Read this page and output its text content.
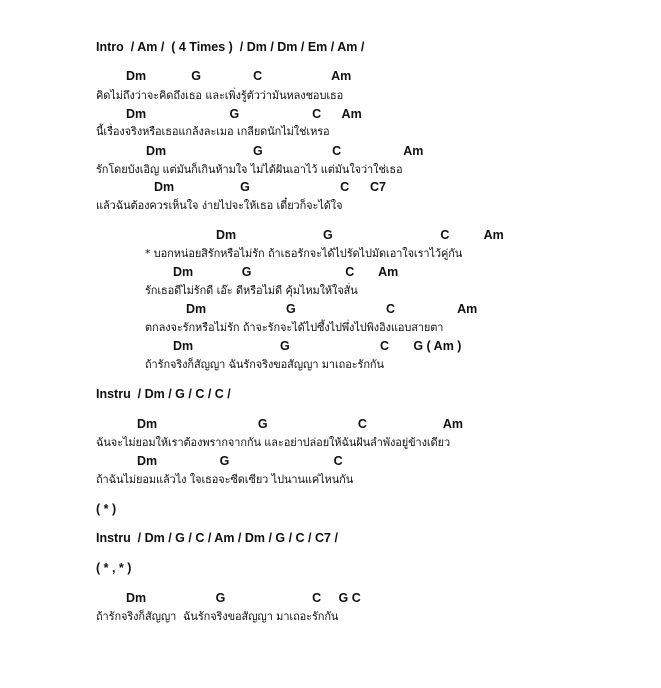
Intro  / Am /  ( 4 Times )  / Dm / Dm / Em / Am /
Dm             G               C                    Am
คิดไม่ถึงว่าจะคิดถึงเธอ และเพิ่งรู้ตัวว่ามันหลงชอบเธอ
Dm                        G                     C      Am
นี้เรื่องจริงหรือเธอแกล้งละเมอ เกลียดนักไม่ใช่เหรอ
Dm                         G                    C                  Am
รักโดยบังเอิญ แต่มันก็เกินห้ามใจ ไม่ได้ฝันเอาไว้ แต่มันใจว่าใช่เธอ
Dm                   G                          C      C7
แล้วฉันต้องควรเห็นใจ ง่ายไปจะให้เธอ เดี๋ยวก็จะได้ใจ
Dm                         G                               C          Am
* บอกหน่อยสิรักหรือไม่รัก ถ้าเธอรักจะได้ไปรัดไปมัดเอาใจเราไว้คู่กัน
Dm              G                           C       Am
รักเธอดีไม่รักดี เอ๊ะ ดีหรือไม่ดี คุ้มไหมให้ใจสั่น
Dm                       G                          C                  Am
ตกลงจะรักหรือไม่รัก ถ้าจะรักจะได้ไปซึ้งไปพึ่งไปพิงอิงแอบสายตา
Dm                         G                          C       G ( Am )
ถ้ารักจริงก็สัญญา ฉันรักจริงขอสัญญา มาเถอะรักกัน
Instru  / Dm / G / C / C /
Dm                             G                          C                      Am
ฉันจะไม่ยอมให้เราต้องพรากจากกัน และอย่าปล่อยให้ฉันฝันลำพังอยู่ข้างเดียว
Dm                  G                              C
ถ้าฉันไม่ยอมแล้วไง ใจเธอจะซีดเซียว ไปนานแค่ไหนกัน
( * )
Instru  / Dm / G / C / Am / Dm / G / C / C7 /
( * , * )
Dm                    G                         C     G C
ถ้ารักจริงก็สัญญา  ฉันรักจริงขอสัญญา มาเถอะรักกัน
